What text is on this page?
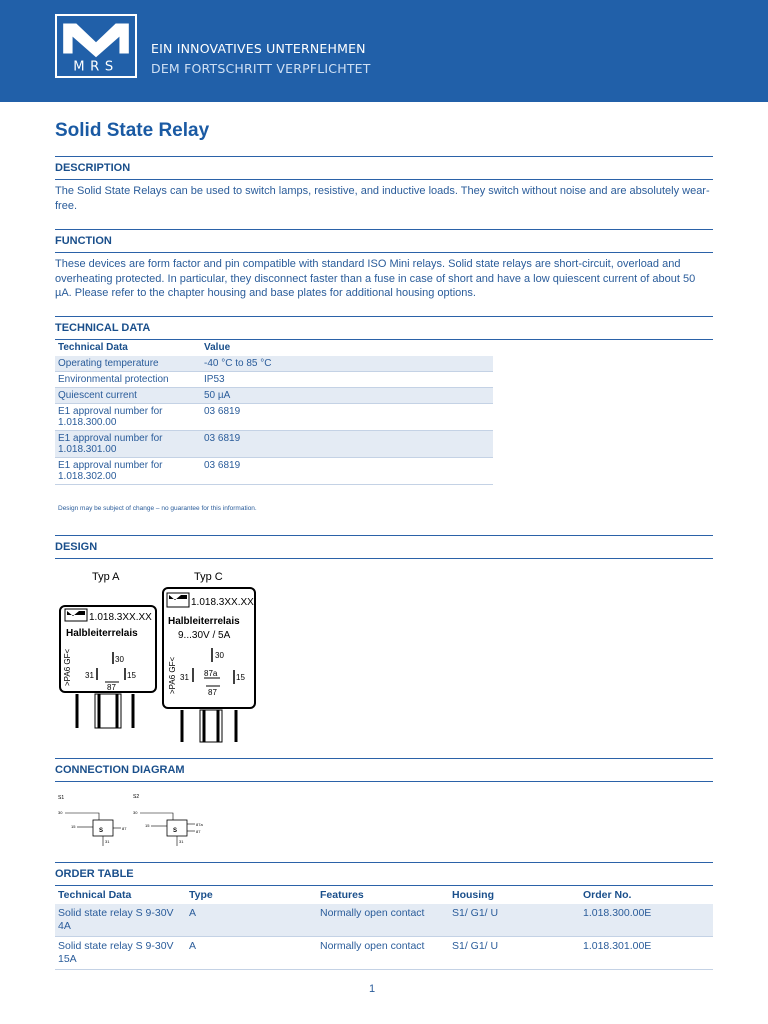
MRS
EIN INNOVATIVES UNTERNEHMEN
DEM FORTSCHRITT VERPFLICHTET
Solid State Relay
DESCRIPTION
The Solid State Relays can be used to switch lamps, resistive, and inductive loads. They switch without noise and are absolutely wear-free.
FUNCTION
These devices are form factor and pin compatible with standard ISO Mini relays. Solid state relays are short-circuit, overload and overheating protected. In particular, they disconnect faster than a fuse in case of short and have a low quiescent current of about 50 µA. Please refer to the chapter housing and base plates for additional housing options.
TECHNICAL DATA
Technical Data	Value
Operating temperature	-40 °C to 85 °C
Environmental protection	IP53
Quiescent current	50 µA
E1 approval number for 1.018.300.00	03 6819
E1 approval number for 1.018.301.00	03 6819
E1 approval number for 1.018.302.00	03 6819
Design may be subject of change – no guarantee for this information.
DESIGN
Typ A
1.018.3XX.XX
Halbleiterrelais
>PA6 GF<	30
31	15
87
Typ C
1.018.3XX.XX
Halbleiterrelais
9...30V / 5A
>PA6 GF<
30
31 87a 15
87
CONNECTION DIAGRAM
S1	S2
30
15
S	87
31
30
15
S
87a
87
31
ORDER TABLE
Technical Data	Type	Features	Housing	Order No.
Solid state relay S 9-30V 4A	A	Normally open contact	S1/ G1/ U	1.018.300.00E
Solid state relay S 9-30V 15A	A	Normally open contact	S1/ G1/ U	1.018.301.00E
1
